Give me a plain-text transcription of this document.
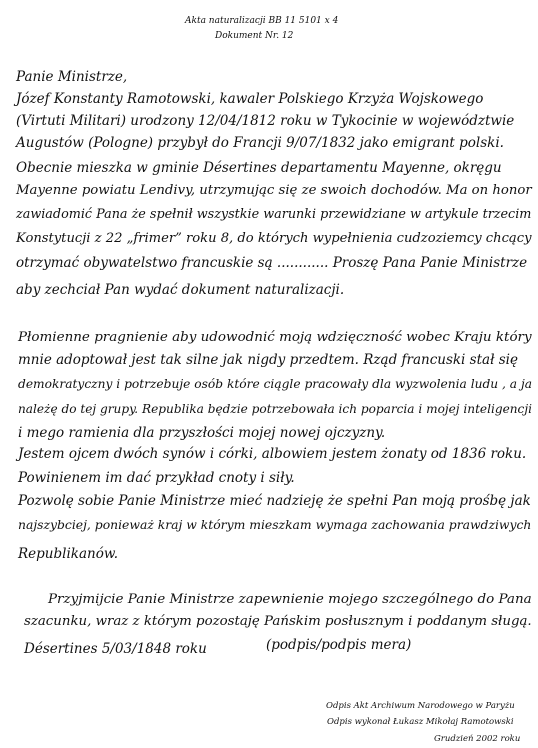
Akta naturalizacji BB 11 5101 x 4
Dokument Nr. 12
Panie Ministrze,
Józef Konstanty Ramotowski, kawaler Polskiego Krzyża Wojskowego
(Virtuti Militari) urodzony 12/04/1812 roku w Tykocinie w województwie
Augustów (Pologne) przybył do Francji 9/07/1832 jako emigrant polski.
Obecnie mieszka w gminie Désertines departamentu Mayenne, okręgu
Mayenne powiatu Lendivy, utrzymując się ze swoich dochodów. Ma on honor
zawiadomić Pana że spełnił wszystkie warunki przewidziane w artykule trzecim
Konstytucji z 22 „frimer” roku 8, do których wypełnienia cudzoziemcy chcący
otrzymać obywatelstwo francuskie są ............ Proszę Pana Panie Ministrze
aby zechciał Pan wydać dokument naturalizacji.
Płomienne pragnienie aby udowodnić moją wdzięczność wobec Kraju który
mnie adoptował jest tak silne jak nigdy przedtem. Rząd francuski stał się
demokratyczny i potrzebuje osób które ciągle pracowały dla wyzwolenia ludu , a ja
należę do tej grupy. Republika będzie potrzebowała ich poparcia i mojej inteligencji
i mego ramienia dla przyszłości mojej nowej ojczyzny.
Jestem ojcem dwóch synów i córki, albowiem jestem żonaty od 1836 roku.
Powinienem im dać przykład cnoty i siły.
Pozwolę sobie Panie Ministrze mieć nadzieję że spełni Pan moją prośbę jak
najszybciej, ponieważ kraj w którym mieszkam wymaga zachowania prawdziwych
Republikanów.
Przyjmijcie Panie Ministrze zapewnienie mojego szczególnego do Pana
szacunku, wraz z którym pozostaję Pańskim posłusznym i poddanym sługą.
Désertines 5/03/1848 roku	(podpis/podpis mera)
Odpis Akt Archiwum Narodowego w Paryżu
Odpis wykonał Łukasz Mikołaj Ramotowski
Grudzień 2002 roku
